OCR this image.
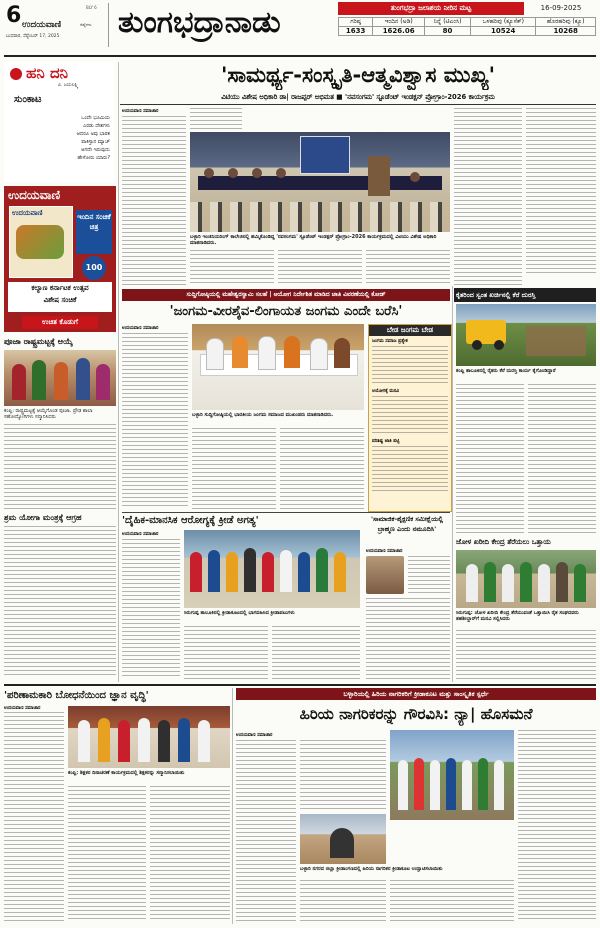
6	BLY 6
ಉದಯವಾಣಿ	ಜಿಲ್ಲೆಗಳು
ಬುಧವಾರ, ಸೆಪ್ಟೆಂಬರ್ 17, 2025 ತುಂಗಭದ್ರಾನಾಡು	ತುಂಗಭದ್ರಾ ಜಲಾಶಯ ನೀರಿನ ಮಟ್ಟ	16-09-2025
ಗರಿಷ್ಠ	ಇಂದಿನ (ಅಡಿ)	ನಿನ್ನೆ (ಟಿಎಂಸಿ)	ಒಳಹರಿವು (ಕ್ಯೂಸೆಕ್)	ಹೊರಹರಿವು (ಕ್ಯೂ)
1633	1626.06	80	10524	10268
ಹನಿ ದನಿ
ವಿ. ಜಯಲಕ್ಷ್ಮಿ
ಸುಂಕಾಟ
ಒಂದೇ ಭೂಮಿಯ
ಎರಡು ದೇಶಗಳು
ಆದರೂ ಅವು ಭಾರತ
ಪಾಕಿಸ್ತಾನ ಮ್ಯಾಚ್
ಆಗದೇ ಇರುವುದು
ಹೇಳೋರು ಯಾರು?
ಉದಯವಾಣಿ
ಉದಯವಾಣಿ	ಇಂದಿನ ಸಂಚಿಕೆ ಚಿತ್ರ
100
ಕಲ್ಯಾಣ ಕರ್ನಾಟಕ ಉತ್ಸವ
ವಿಶೇಷ ಸಂಚಿಕೆ
ಉಚಿತ ಕೊಡುಗೆ
ಪೂಜಾ ರಾಷ್ಟ್ರಮಟ್ಟಕ್ಕೆ ಆಯ್ಕೆ
ಕಂಪ್ಲಿ: ರಾಷ್ಟ್ರಮಟ್ಟಕ್ಕೆ ಆಯ್ಕೆಗೊಂಡ ಪೂಜಾ. ಪ್ರೌಢ ಶಾಲಾ ಸಹೋದ್ಯೋಗಿಗಳು ಸನ್ಮಾನಿಸಿದರು
ಶ್ರಮ ಯೋಗಾ ಮಂತ್ರಕ್ಕೆ ಆಗ್ರಹ
'ಸಾಮರ್ಥ್ಯ-ಸಂಸ್ಕೃತಿ-ಆತ್ಮವಿಶ್ವಾಸ ಮುಖ್ಯ'
ವಿಟಿಯು ವಿಶೇಷ ಅಧಿಕಾರಿ ಡಾ| ರಾಜಪ್ಪರ್ ಅಭಿಮತ ■ 'ನವಸಂಗಮ' ಸ್ಟೂಡೆಂಟ್ ಇಂಡಕ್ಷನ್ ಪ್ರೋಗ್ರಾಂ-2026 ಕಾರ್ಯಕ್ರಮ
ಉದಯವಾಣಿ ಸಮಾಚಾರ
ಬಳ್ಳಾರಿ ಇಂಜಿನಿಯರಿಂಗ್ ಕಾಲೇಜಿನಲ್ಲಿ ಹಮ್ಮಿಕೊಂಡಿದ್ದ 'ನವಸಂಗಮ' ಸ್ಟೂಡೆಂಟ್ ಇಂಡಕ್ಷನ್ ಪ್ರೋಗ್ರಾಂ-2026 ಕಾರ್ಯಕ್ರಮದಲ್ಲಿ ವಿಟಿಯು ವಿಶೇಷ ಅಧಿಕಾರಿ ಮಾತನಾಡಿದರು.
ಸುದ್ದಿಗೋಷ್ಠಿಯಲ್ಲಿ ಮಹೇಶ್ವರಸ್ವಾಮಿ ಸಲಹೆ | ಆಯೋಗ ನಿರ್ದೇಶಿತ ಮಾಡಿದ ಜಾತಿ ವಿವರಣೆಯಲ್ಲಿ ಕೋಡ್
'ಜಂಗಮ-ವೀರಶೈವ-ಲಿಂಗಾಯತ ಜಂಗಮ ಎಂದೇ ಬರೆಸಿ'
ಉದಯವಾಣಿ ಸಮಾಚಾರ
ಬಳ್ಳಾರಿ ಸುದ್ದಿಗೋಷ್ಠಿಯಲ್ಲಿ ಭಾರತೀಯ ಜಂಗಮ ಸಮಾಜದ ಮುಖಂಡರು ಮಾತನಾಡಿದರು.
ಬೇಡ ಜಂಗಮ ಬೇಡ
ಜಂಗಮ ಸಮಾಜ ಪ್ರತ್ಯೇಕ
ಆಯೋಗಕ್ಕೆ ಮನವಿ
ಪರಿಶಿಷ್ಟ ಜಾತಿ ಪಟ್ಟಿ
'ದೈಹಿಕ-ಮಾನಸಿಕ ಆರೋಗ್ಯಕ್ಕೆ ಕ್ರೀಡೆ ಅಗತ್ಯ'
ಉದಯವಾಣಿ ಸಮಾಚಾರ
ಸಿರುಗುಪ್ಪ ತಾಲೂಕಿನಲ್ಲಿ ಕ್ರೀಡಾಕೂಟದಲ್ಲಿ ಭಾಗವಹಿಸಿದ ಕ್ರೀಡಾಪಟುಗಳು
'ಸಾಮಾಜಿಕ-ಶೈಕ್ಷಣಿಕ ಸಮೀಕ್ಷೆಯಲ್ಲಿ ಬ್ರಾಹ್ಮಣ ಎಂದು ನಮೂದಿಸಿ'
ಉದಯವಾಣಿ ಸಮಾಚಾರ
ಕೈತರಿಂದ ಸ್ವಂತ ಖರ್ಚಿನಲ್ಲಿ ಕೆರೆ ದುರಸ್ತಿ
ಕಂಪ್ಲಿ ತಾಲೂಕಿನಲ್ಲಿ ರೈತರು ಕೆರೆ ದುರಸ್ತಿ ಕಾರ್ಯ ಕೈಗೊಂಡಿದ್ದಾರೆ
ಜೋಳ ಖರೀದಿ ಕೇಂದ್ರ ತೆರೆಯಲು ಒತ್ತಾಯ
ಸಿರುಗುಪ್ಪ: ಜೋಳ ಖರೀದಿ ಕೇಂದ್ರ ತೆರೆಯುವಂತೆ ಒತ್ತಾಯಿಸಿ ರೈತ ಸಂಘದವರು ತಹಶೀಲ್ದಾರ್‌ಗೆ ಮನವಿ ಸಲ್ಲಿಸಿದರು
'ಪರಿಣಾಮಕಾರಿ ಬೋಧನೆಯಿಂದ ಜ್ಞಾನ ವೃದ್ಧಿ'
ಉದಯವಾಣಿ ಸಮಾಚಾರ
ಕಂಪ್ಲಿ: ಶಿಕ್ಷಕರ ದಿನಾಚರಣೆ ಕಾರ್ಯಕ್ರಮದಲ್ಲಿ ಶಿಕ್ಷಕರನ್ನು ಸನ್ಮಾನಿಸಲಾಯಿತು
ಬಳ್ಳಾರಿಯಲ್ಲಿ ಹಿರಿಯ ನಾಗರಿಕರಿಗೆ ಕ್ರೀಡಾಕೂಟ ಮತ್ತು ಸಾಂಸ್ಕೃತಿಕ ಸ್ಪರ್ಧೆ
ಹಿರಿಯ ನಾಗರಿಕರನ್ನು ಗೌರವಿಸಿ: ನ್ಯಾ| ಹೊಸಮನೆ
ಉದಯವಾಣಿ ಸಮಾಚಾರ
ಬಳ್ಳಾರಿ ನಗರದ ಜಿಲ್ಲಾ ಕ್ರೀಡಾಂಗಣದಲ್ಲಿ ಹಿರಿಯ ನಾಗರಿಕರ ಕ್ರೀಡಾಕೂಟ ಉದ್ಘಾಟಿಸಲಾಯಿತು
